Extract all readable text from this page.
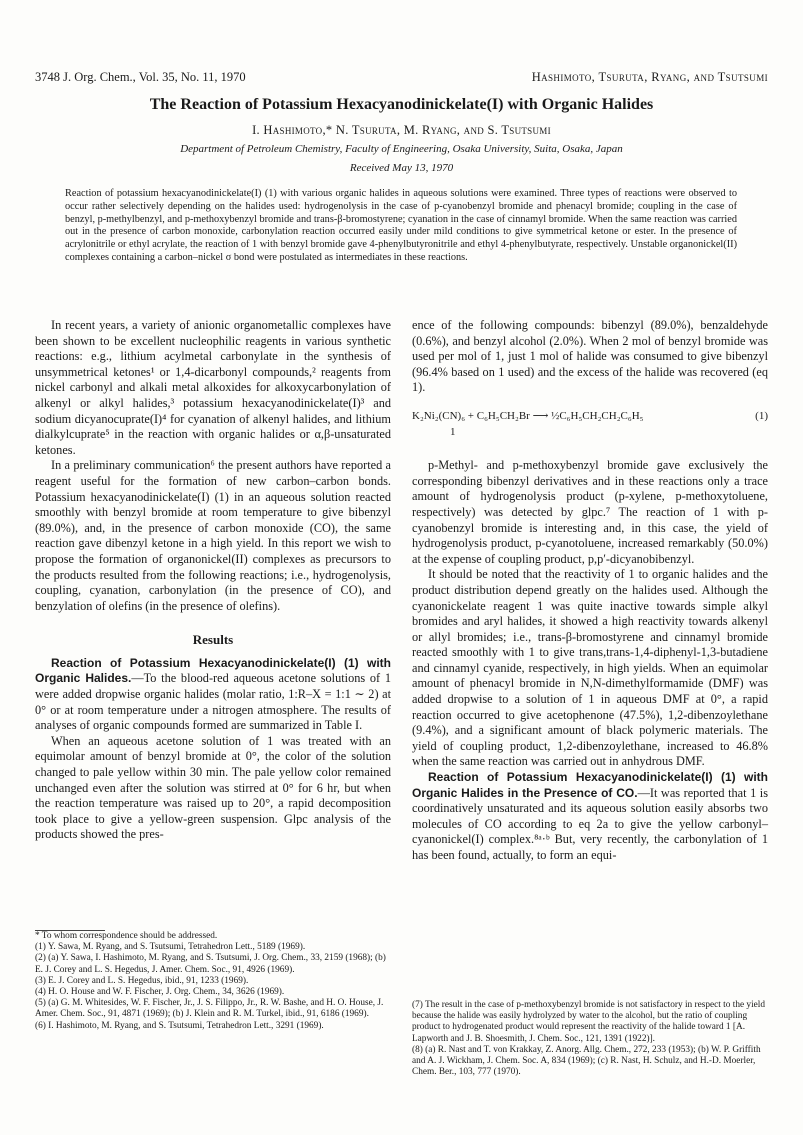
3748 J. Org. Chem., Vol. 35, No. 11, 1970	Hashimoto, Tsuruta, Ryang, and Tsutsumi
The Reaction of Potassium Hexacyanodinickelate(I) with Organic Halides
I. Hashimoto,* N. Tsuruta, M. Ryang, and S. Tsutsumi
Department of Petroleum Chemistry, Faculty of Engineering, Osaka University, Suita, Osaka, Japan
Received May 13, 1970
Reaction of potassium hexacyanodinickelate(I) (1) with various organic halides in aqueous solutions were examined. Three types of reactions were observed to occur rather selectively depending on the halides used: hydrogenolysis in the case of p-cyanobenzyl bromide and phenacyl bromide; coupling in the case of benzyl, p-methylbenzyl, and p-methoxybenzyl bromide and trans-β-bromostyrene; cyanation in the case of cinnamyl bromide. When the same reaction was carried out in the presence of carbon monoxide, carbonylation reaction occurred easily under mild conditions to give symmetrical ketone or ester. In the presence of acrylonitrile or ethyl acrylate, the reaction of 1 with benzyl bromide gave 4-phenylbutyronitrile and ethyl 4-phenylbutyrate, respectively. Unstable organonickel(II) complexes containing a carbon–nickel σ bond were postulated as intermediates in these reactions.

In recent years, a variety of anionic organometallic complexes have been shown to be excellent nucleophilic reagents in various synthetic reactions: e.g., lithium acylmetal carbonylate in the synthesis of unsymmetrical ketones¹ or 1,4-dicarbonyl compounds,² reagents from nickel carbonyl and alkali metal alkoxides for alkoxycarbonylation of alkenyl or alkyl halides,³ potassium hexacyanodinickelate(I)³ and sodium dicyanocuprate(I)⁴ for cyanation of alkenyl halides, and lithium dialkylcuprate⁵ in the reaction with organic halides or α,β-unsaturated ketones.

In a preliminary communication⁶ the present authors have reported a reagent useful for the formation of new carbon–carbon bonds. Potassium hexacyanodinickelate(I) (1) in an aqueous solution reacted smoothly with benzyl bromide at room temperature to give bibenzyl (89.0%), and, in the presence of carbon monoxide (CO), the same reaction gave dibenzyl ketone in a high yield. In this report we wish to propose the formation of organonickel(II) complexes as precursors to the products resulted from the following reactions; i.e., hydrogenolysis, coupling, cyanation, carbonylation (in the presence of CO), and benzylation of olefins (in the presence of olefins).

Results

Reaction of Potassium Hexacyanodinickelate(I) (1) with Organic Halides.—To the blood-red aqueous acetone solutions of 1 were added dropwise organic halides (molar ratio, 1:R–X = 1:1 ∼ 2) at 0° or at room temperature under a nitrogen atmosphere. The results of analyses of organic compounds formed are summarized in Table I.

When an aqueous acetone solution of 1 was treated with an equimolar amount of benzyl bromide at 0°, the color of the solution changed to pale yellow within 30 min. The pale yellow color remained unchanged even after the solution was stirred at 0° for 6 hr, but when the reaction temperature was raised up to 20°, a rapid decomposition took place to give a yellow-green suspension. Glpc analysis of the products showed the pres-

ence of the following compounds: bibenzyl (89.0%), benzaldehyde (0.6%), and benzyl alcohol (2.0%). When 2 mol of benzyl bromide was used per mol of 1, just 1 mol of halide was consumed to give bibenzyl (96.4% based on 1 used) and the excess of the halide was recovered (eq 1).

K₂Ni₂(CN)₆ + C₆H₅CH₂Br ⟶ ½C₆H₅CH₂CH₂C₆H₅
1
(1)

p-Methyl- and p-methoxybenzyl bromide gave exclusively the corresponding bibenzyl derivatives and in these reactions only a trace amount of hydrogenolysis product (p-xylene, p-methoxytoluene, respectively) was detected by glpc.⁷ The reaction of 1 with p-cyanobenzyl bromide is interesting and, in this case, the yield of hydrogenolysis product, p-cyanotoluene, increased remarkably (50.0%) at the expense of coupling product, p,p′-dicyanobibenzyl.

It should be noted that the reactivity of 1 to organic halides and the product distribution depend greatly on the halides used. Although the cyanonickelate reagent 1 was quite inactive towards simple alkyl bromides and aryl halides, it showed a high reactivity towards alkenyl or allyl bromides; i.e., trans-β-bromostyrene and cinnamyl bromide reacted smoothly with 1 to give trans,trans-1,4-diphenyl-1,3-butadiene and cinnamyl cyanide, respectively, in high yields. When an equimolar amount of phenacyl bromide in N,N-dimethylformamide (DMF) was added dropwise to a solution of 1 in aqueous DMF at 0°, a rapid reaction occurred to give acetophenone (47.5%), 1,2-dibenzoylethane (9.4%), and a significant amount of black polymeric materials. The yield of coupling product, 1,2-dibenzoylethane, increased to 46.8% when the same reaction was carried out in anhydrous DMF.

Reaction of Potassium Hexacyanodinickelate(I) (1) with Organic Halides in the Presence of CO.—It was reported that 1 is coordinatively unsaturated and its aqueous solution easily absorbs two molecules of CO according to eq 2a to give the yellow carbonyl–cyanonickel(I) complex.⁸ᵃ·ᵇ But, very recently, the carbonylation of 1 has been found, actually, to form an equi-

* To whom correspondence should be addressed.
(1) Y. Sawa, M. Ryang, and S. Tsutsumi, Tetrahedron Lett., 5189 (1969).
(2) (a) Y. Sawa, I. Hashimoto, M. Ryang, and S. Tsutsumi, J. Org. Chem., 33, 2159 (1968); (b) E. J. Corey and L. S. Hegedus, J. Amer. Chem. Soc., 91, 4926 (1969).
(3) E. J. Corey and L. S. Hegedus, ibid., 91, 1233 (1969).
(4) H. O. House and W. F. Fischer, J. Org. Chem., 34, 3626 (1969).
(5) (a) G. M. Whitesides, W. F. Fischer, Jr., J. S. Filippo, Jr., R. W. Bashe, and H. O. House, J. Amer. Chem. Soc., 91, 4871 (1969); (b) J. Klein and R. M. Turkel, ibid., 91, 6186 (1969).
(6) I. Hashimoto, M. Ryang, and S. Tsutsumi, Tetrahedron Lett., 3291 (1969).
(7) The result in the case of p-methoxybenzyl bromide is not satisfactory in respect to the yield because the halide was easily hydrolyzed by water to the alcohol, but the ratio of coupling product to hydrogenated product would represent the reactivity of the halide toward 1 [A. Lapworth and J. B. Shoesmith, J. Chem. Soc., 121, 1391 (1922)].
(8) (a) R. Nast and T. von Krakkay, Z. Anorg. Allg. Chem., 272, 233 (1953); (b) W. P. Griffith and A. J. Wickham, J. Chem. Soc. A, 834 (1969); (c) R. Nast, H. Schulz, and H.-D. Moerler, Chem. Ber., 103, 777 (1970).
